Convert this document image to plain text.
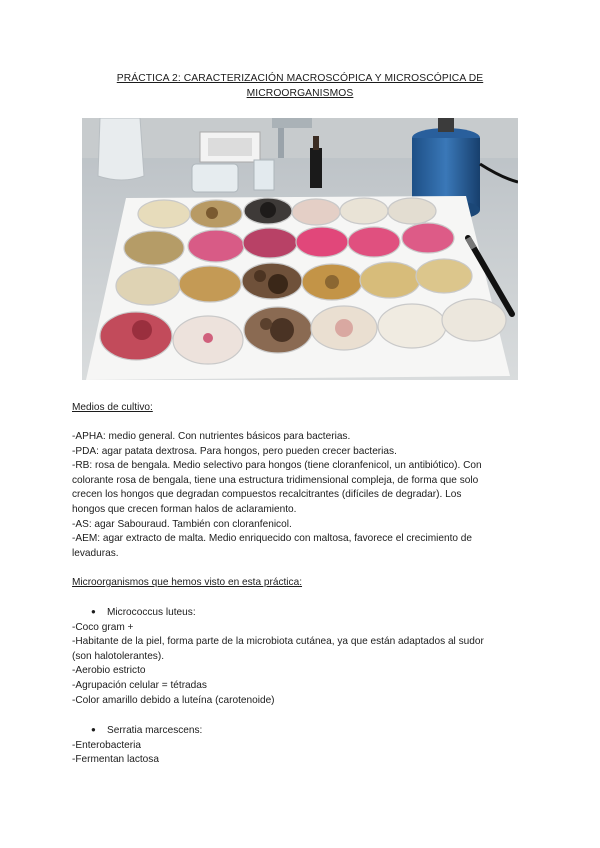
PRÁCTICA 2: CARACTERIZACIÓN MACROSCÓPICA Y MICROSCÓPICA DE
MICROORGANISMOS
Medios de cultivo:
-APHA: medio general. Con nutrientes básicos para bacterias.
-PDA: agar patata dextrosa. Para hongos, pero pueden crecer bacterias.
-RB: rosa de bengala. Medio selectivo para hongos (tiene cloranfenicol, un antibiótico). Con
colorante rosa de bengala, tiene una estructura tridimensional compleja, de forma que solo
crecen los hongos que degradan compuestos recalcitrantes (difíciles de degradar). Los
hongos que crecen forman halos de aclaramiento.
-AS: agar Sabouraud. También con cloranfenicol.
-AEM: agar extracto de malta. Medio enriquecido con maltosa, favorece el crecimiento de
levaduras.
Microorganismos que hemos visto en esta práctica:
● Micrococcus luteus:
-Coco gram +
-Habitante de la piel, forma parte de la microbiota cutánea, ya que están adaptados al sudor
(son halotolerantes).
-Aerobio estricto
-Agrupación celular = tétradas
-Color amarillo debido a luteína (carotenoide)
● Serratia marcescens:
-Enterobacteria
-Fermentan lactosa
